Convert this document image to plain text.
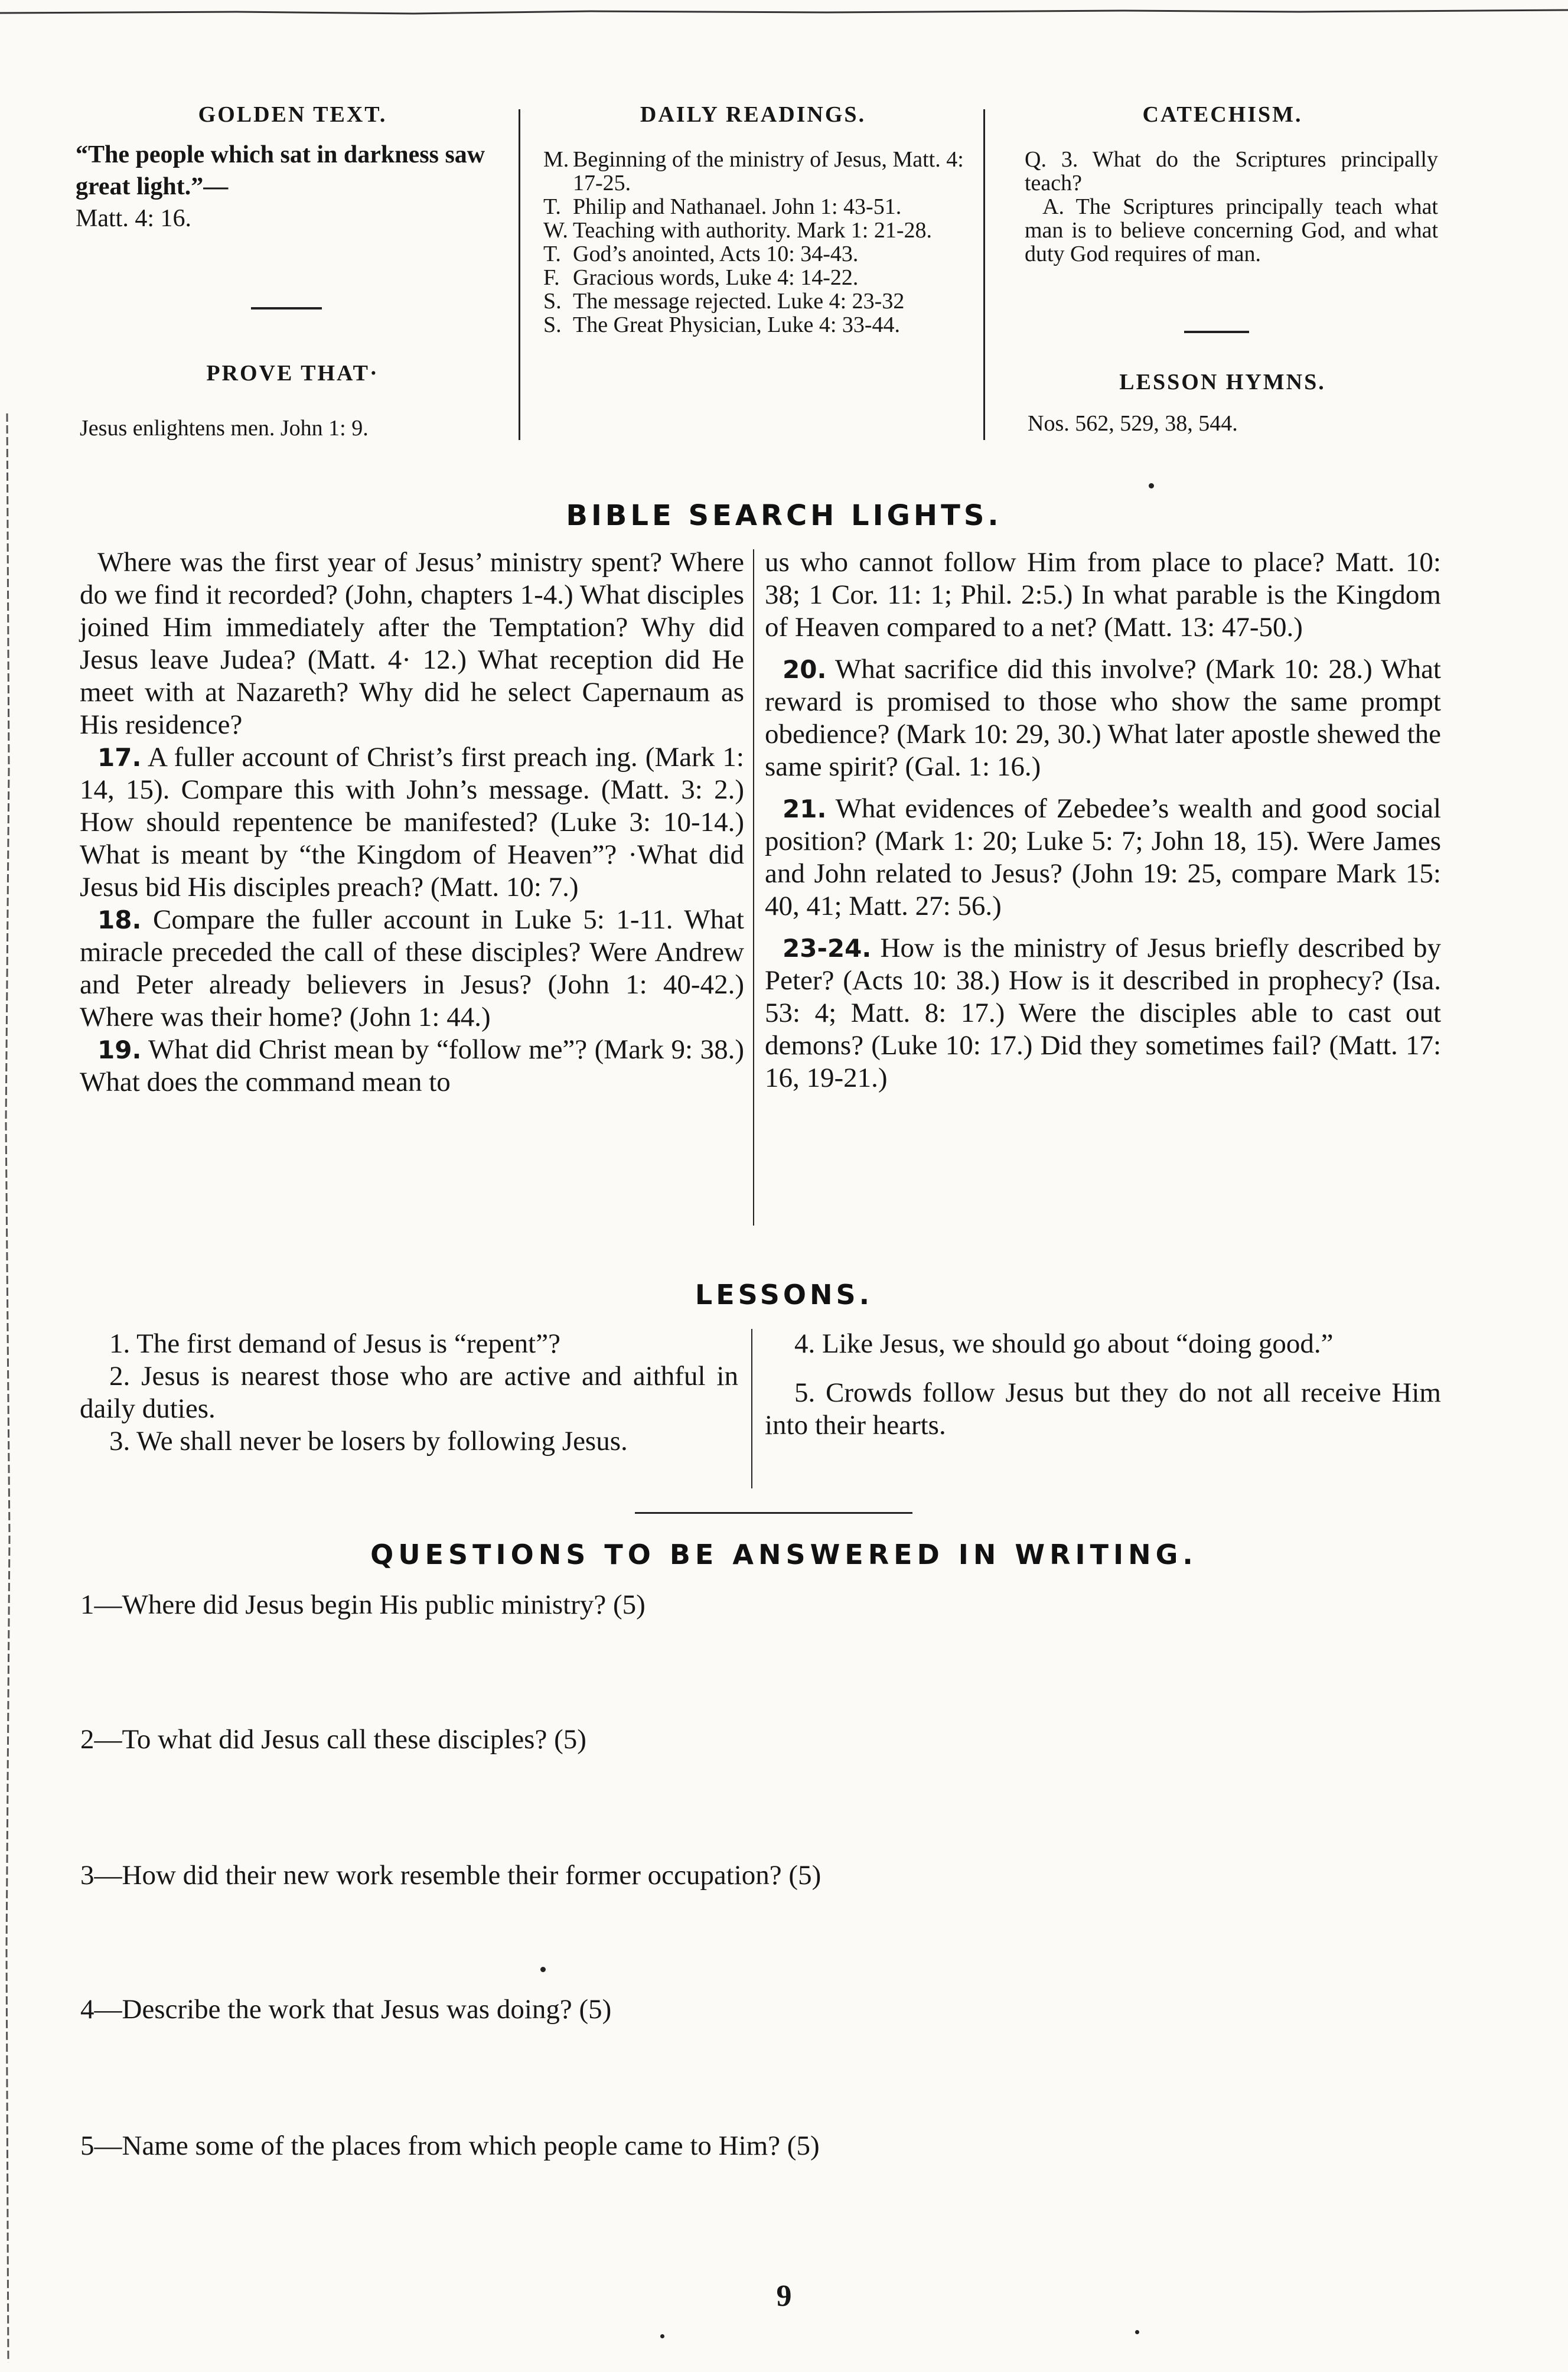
GOLDEN TEXT.
“The people which sat in darkness saw great light.”—
Matt. 4: 16.
PROVE THAT·
Jesus enlightens men. John 1: 9.
DAILY READINGS.
M. Beginning of the ministry of Jesus, Matt. 4: 17-25.
T. Philip and Nathanael. John 1: 43-51.
W. Teaching with authority. Mark 1: 21-28.
T. God’s anointed, Acts 10: 34-43.
F. Gracious words, Luke 4: 14-22.
S. The message rejected. Luke 4: 23-32
S. The Great Physician, Luke 4: 33-44.
CATECHISM.
Q. 3. What do the Scriptures principally teach?
A. The Scriptures principally teach what man is to believe concerning God, and what duty God requires of man.
LESSON HYMNS.
Nos. 562, 529, 38, 544.
BIBLE SEARCH LIGHTS.

Where was the first year of Jesus’ ministry spent? Where do we find it recorded? (John, chapters 1-4.) What disciples joined Him immediately after the Temptation? Why did Jesus leave Judea? (Matt. 4· 12.) What reception did He meet with at Nazareth? Why did he select Capernaum as His residence?

17. A fuller account of Christ’s first preach ing. (Mark 1: 14, 15). Compare this with John’s message. (Matt. 3: 2.) How should repentence be manifested? (Luke 3: 10-14.) What is meant by “the Kingdom of Heaven”? ·What did Jesus bid His disciples preach? (Matt. 10: 7.)

18. Compare the fuller account in Luke 5: 1-11. What miracle preceded the call of these disciples? Were Andrew and Peter already believers in Jesus? (John 1: 40-42.) Where was their home? (John 1: 44.)

19. What did Christ mean by “follow me”? (Mark 9: 38.) What does the command mean to

us who cannot follow Him from place to place? Matt. 10: 38; 1 Cor. 11: 1; Phil. 2:5.) In what parable is the Kingdom of Heaven compared to a net? (Matt. 13: 47-50.)

20. What sacrifice did this involve? (Mark 10: 28.) What reward is promised to those who show the same prompt obedience? (Mark 10: 29, 30.) What later apostle shewed the same spirit? (Gal. 1: 16.)

21. What evidences of Zebedee’s wealth and good social position? (Mark 1: 20; Luke 5: 7; John 18, 15). Were James and John related to Jesus? (John 19: 25, compare Mark 15: 40, 41; Matt. 27: 56.)

23-24. How is the ministry of Jesus briefly described by Peter? (Acts 10: 38.) How is it described in prophecy? (Isa. 53: 4; Matt. 8: 17.) Were the disciples able to cast out demons? (Luke 10: 17.) Did they sometimes fail? (Matt. 17: 16, 19-21.)

LESSONS.

1. The first demand of Jesus is “repent”?

2. Jesus is nearest those who are active and aithful in daily duties.

3. We shall never be losers by following Jesus.

4. Like Jesus, we should go about “doing good.”

5. Crowds follow Jesus but they do not all receive Him into their hearts.

QUESTIONS TO BE ANSWERED IN WRITING.
1—Where did Jesus begin His public ministry? (5)
2—To what did Jesus call these disciples? (5)
3—How did their new work resemble their former occupation? (5)
4—Describe the work that Jesus was doing? (5)
5—Name some of the places from which people came to Him? (5)
9
